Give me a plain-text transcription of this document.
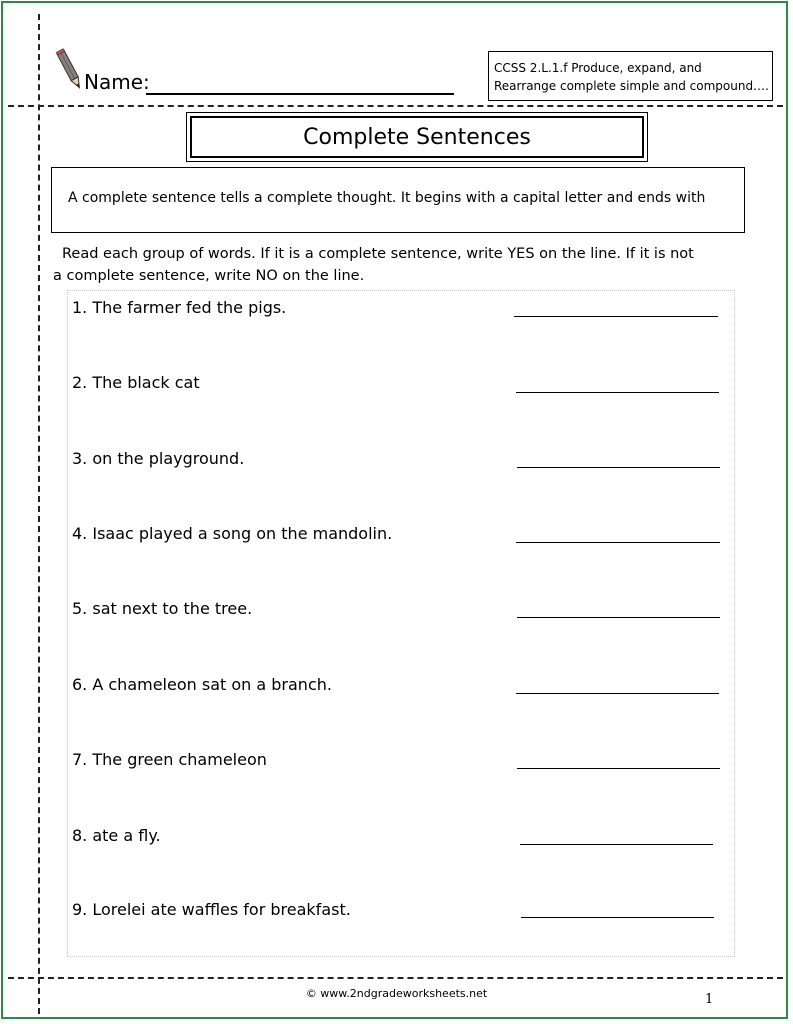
Name:
CCSS 2.L.1.f Produce, expand, and
Rearrange complete simple and compound….
Complete Sentences
A complete sentence tells a complete thought. It begins with a capital letter and ends with
Read each group of words. If it is a complete sentence, write YES on the line. If it is not
a complete sentence, write NO on the line.
1. The farmer fed the pigs.
2. The black cat
3. on the playground.
4. Isaac played a song on the mandolin.
5. sat next to the tree.
6. A chameleon sat on a branch.
7. The green chameleon
8. ate a fly.
9. Lorelei ate waffles for breakfast.
© www.2ndgradeworksheets.net	1
